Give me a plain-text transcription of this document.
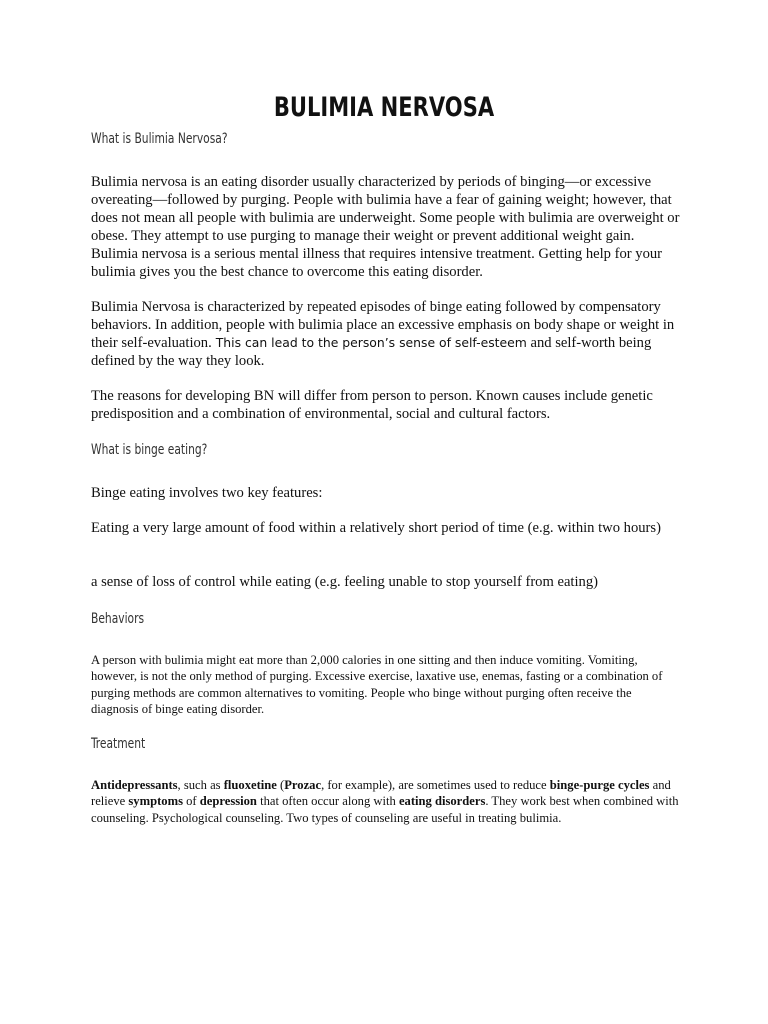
BULIMIA NERVOSA
What is Bulimia Nervosa?
Bulimia nervosa is an eating disorder usually characterized by periods of binging—or excessive overeating—followed by purging. People with bulimia have a fear of gaining weight; however, that does not mean all people with bulimia are underweight. Some people with bulimia are overweight or obese. They attempt to use purging to manage their weight or prevent additional weight gain. Bulimia nervosa is a serious mental illness that requires intensive treatment. Getting help for your bulimia gives you the best chance to overcome this eating disorder.
Bulimia Nervosa is characterized by repeated episodes of binge eating followed by compensatory behaviors. In addition, people with bulimia place an excessive emphasis on body shape or weight in their self-evaluation. This can lead to the person’s sense of self-esteem and self-worth being defined by the way they look.
The reasons for developing BN will differ from person to person. Known causes include genetic predisposition and a combination of environmental, social and cultural factors.
What is binge eating?
Binge eating involves two key features:
Eating a very large amount of food within a relatively short period of time (e.g. within two hours)
a sense of loss of control while eating (e.g. feeling unable to stop yourself from eating)
Behaviors
A person with bulimia might eat more than 2,000 calories in one sitting and then induce vomiting. Vomiting, however, is not the only method of purging. Excessive exercise, laxative use, enemas, fasting or a combination of purging methods are common alternatives to vomiting. People who binge without purging often receive the diagnosis of binge eating disorder.
Treatment
Antidepressants, such as fluoxetine (Prozac, for example), are sometimes used to reduce binge-purge cycles and relieve symptoms of depression that often occur along with eating disorders. They work best when combined with counseling. Psychological counseling. Two types of counseling are useful in treating bulimia.
